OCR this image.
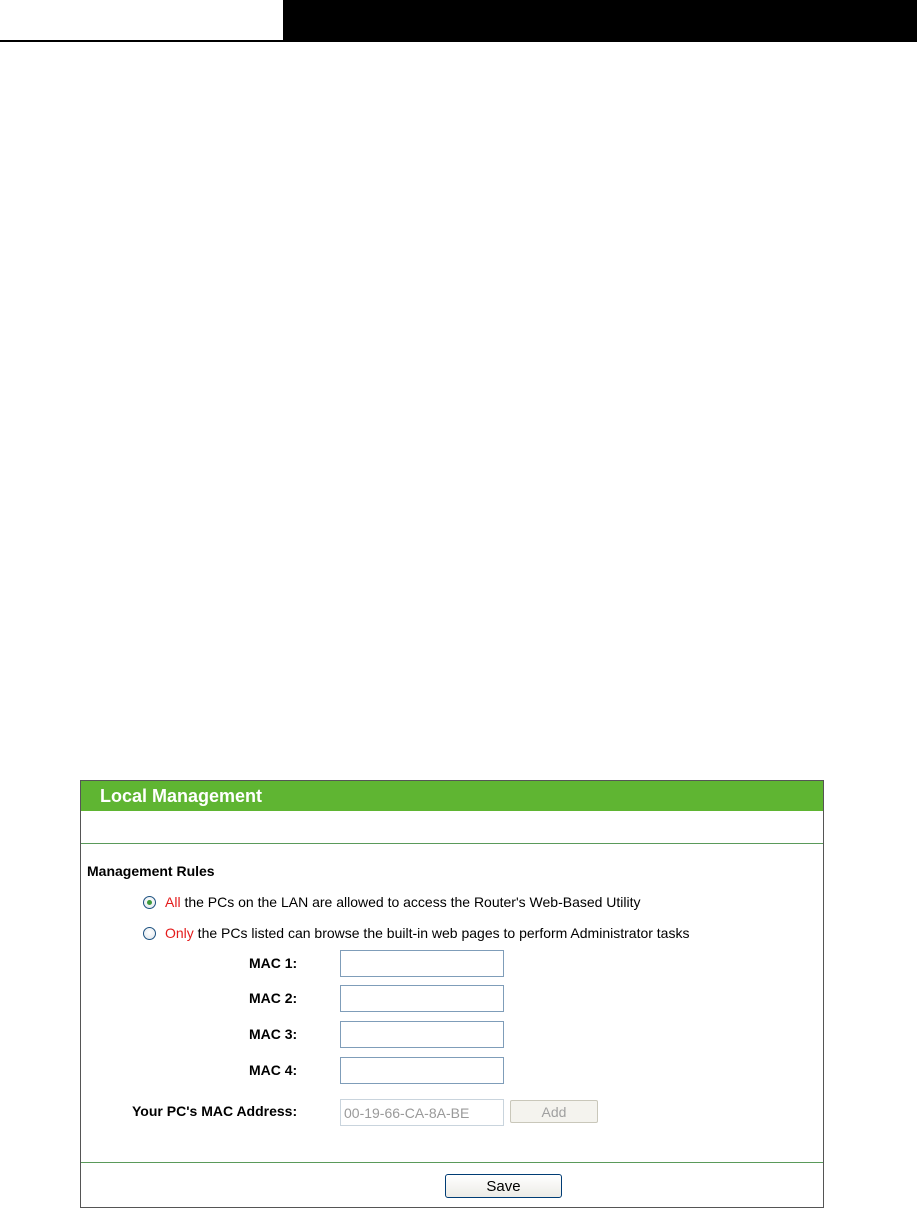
Local Management
Management Rules
All the PCs on the LAN are allowed to access the Router's Web-Based Utility
Only the PCs listed can browse the built-in web pages to perform Administrator tasks
MAC 1:
MAC 2:
MAC 3:
MAC 4:
Your PC's MAC Address:
00-19-66-CA-8A-BE	Add
Save
